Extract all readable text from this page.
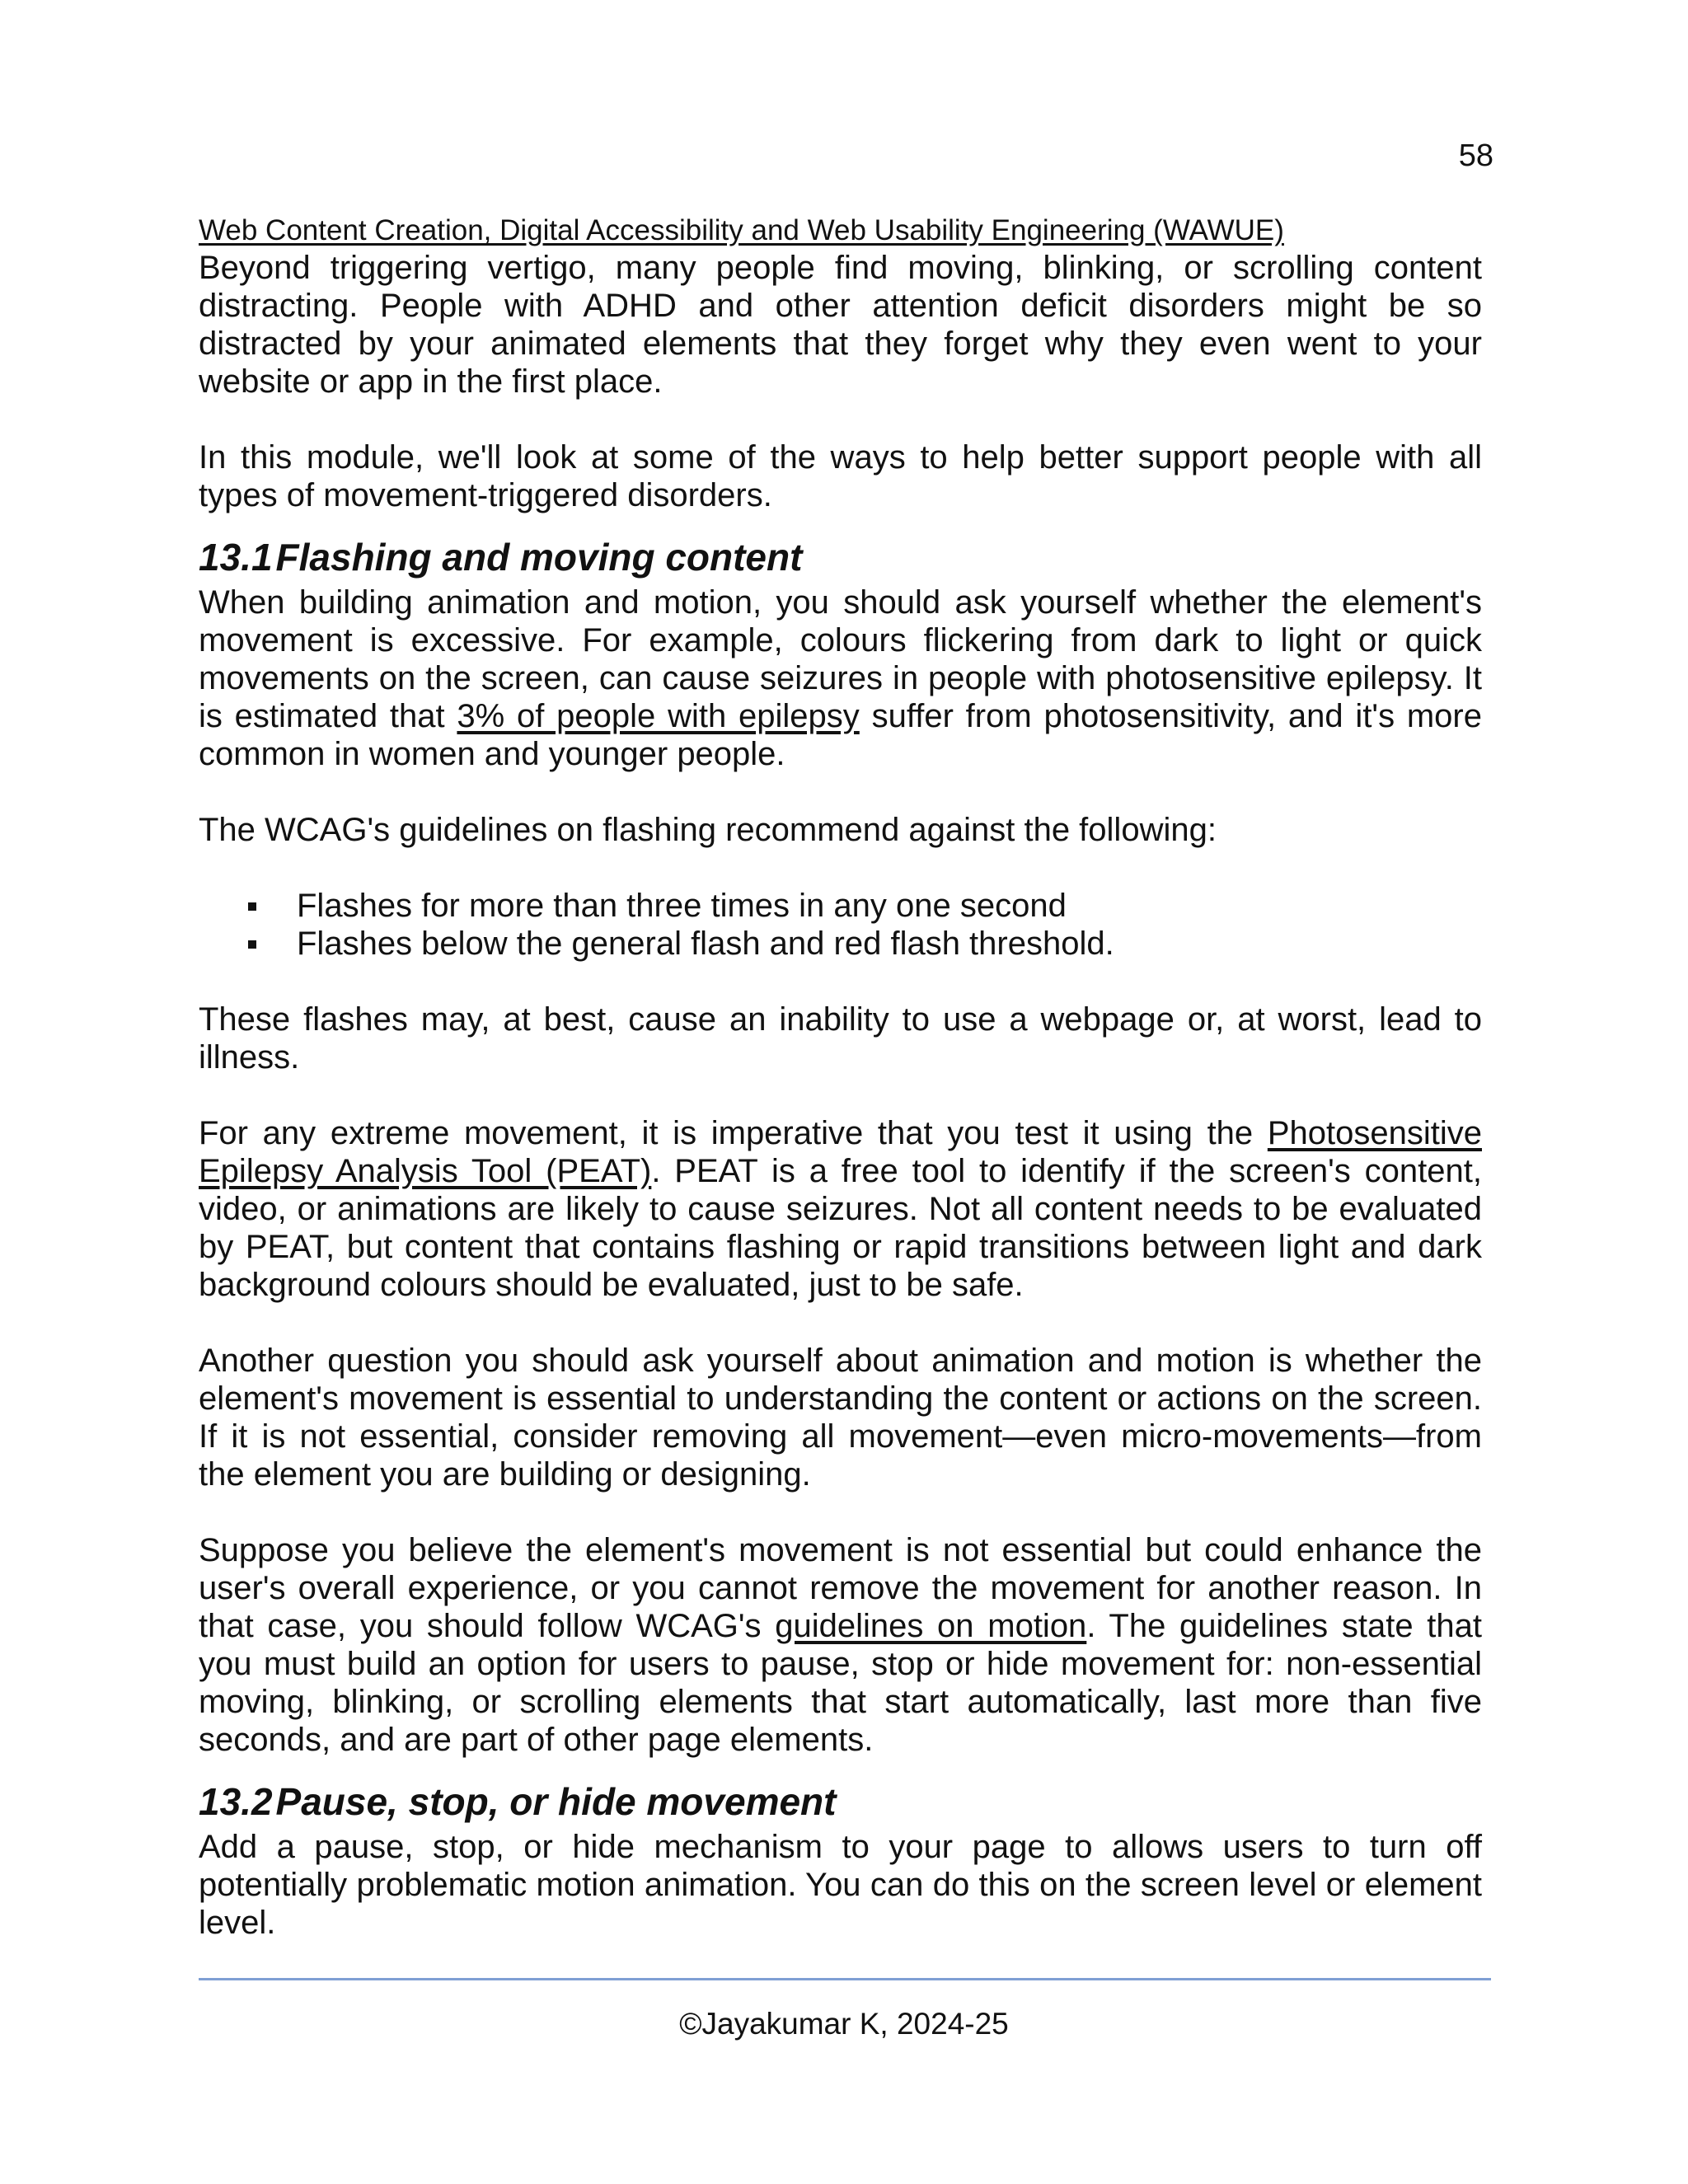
58
Web Content Creation, Digital Accessibility and Web Usability Engineering (WAWUE)

Beyond triggering vertigo, many people find moving, blinking, or scrolling content distracting. People with ADHD and other attention deficit disorders might be so distracted by your animated elements that they forget why they even went to your website or app in the first place.

In this module, we'll look at some of the ways to help better support people with all types of movement-triggered disorders.

13.1Flashing and moving content

When building animation and motion, you should ask yourself whether the element's movement is excessive. For example, colours flickering from dark to light or quick movements on the screen, can cause seizures in people with photosensitive epilepsy. It is estimated that 3% of people with epilepsy suffer from photosensitivity, and it's more common in women and younger people.

The WCAG's guidelines on flashing recommend against the following:

Flashes for more than three times in any one second
Flashes below the general flash and red flash threshold.

These flashes may, at best, cause an inability to use a webpage or, at worst, lead to illness.

For any extreme movement, it is imperative that you test it using the Photosensitive Epilepsy Analysis Tool (PEAT). PEAT is a free tool to identify if the screen's content, video, or animations are likely to cause seizures. Not all content needs to be evaluated by PEAT, but content that contains flashing or rapid transitions between light and dark background colours should be evaluated, just to be safe.

Another question you should ask yourself about animation and motion is whether the element's movement is essential to understanding the content or actions on the screen. If it is not essential, consider removing all movement—even micro-movements—from the element you are building or designing.

Suppose you believe the element's movement is not essential but could enhance the user's overall experience, or you cannot remove the movement for another reason. In that case, you should follow WCAG's guidelines on motion. The guidelines state that you must build an option for users to pause, stop or hide movement for: non-essential moving, blinking, or scrolling elements that start automatically, last more than five seconds, and are part of other page elements.

13.2Pause, stop, or hide movement

Add a pause, stop, or hide mechanism to your page to allows users to turn off potentially problematic motion animation. You can do this on the screen level or element level.

©Jayakumar K, 2024-25
